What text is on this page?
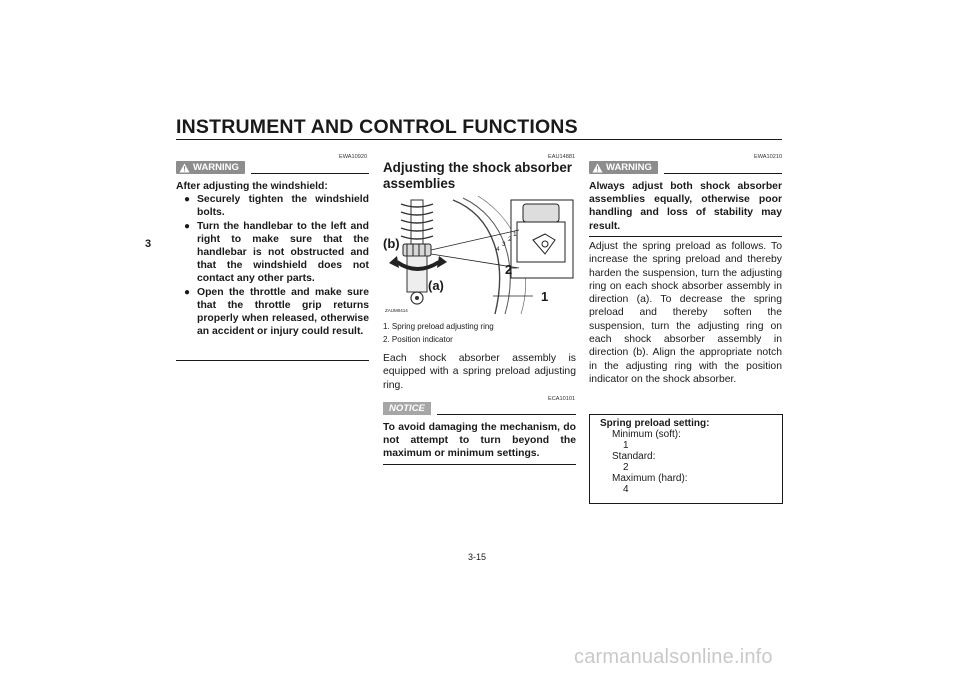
INSTRUMENT AND CONTROL FUNCTIONS
3
EWA10920
WARNING
After adjusting the windshield:
● Securely tighten the windshield bolts.
● Turn the handlebar to the left and right to make sure that the handlebar is not obstructed and that the windshield does not contact any other parts.
● Open the throttle and make sure that the throttle grip returns properly when released, otherwise an accident or injury could result.
EAU14881
Adjusting the shock absorber assemblies
(b)
(a)
1
2
1
2
3
4
ZAUM0414
1. Spring preload adjusting ring
2. Position indicator
Each shock absorber assembly is equipped with a spring preload adjusting ring.
ECA10101
NOTICE
To avoid damaging the mechanism, do not attempt to turn beyond the maximum or minimum settings.
EWA10210
WARNING
Always adjust both shock absorber assemblies equally, otherwise poor handling and loss of stability may result.
Adjust the spring preload as follows. To increase the spring preload and thereby harden the suspension, turn the adjusting ring on each shock absorber assembly in direction (a). To decrease the spring preload and thereby soften the suspension, turn the adjusting ring on each shock absorber assembly in direction (b). Align the appropriate notch in the adjusting ring with the position indicator on the shock absorber.
Spring preload setting:
Minimum (soft):
1
Standard:
2
Maximum (hard):
4
3-15
carmanualsonline.info
